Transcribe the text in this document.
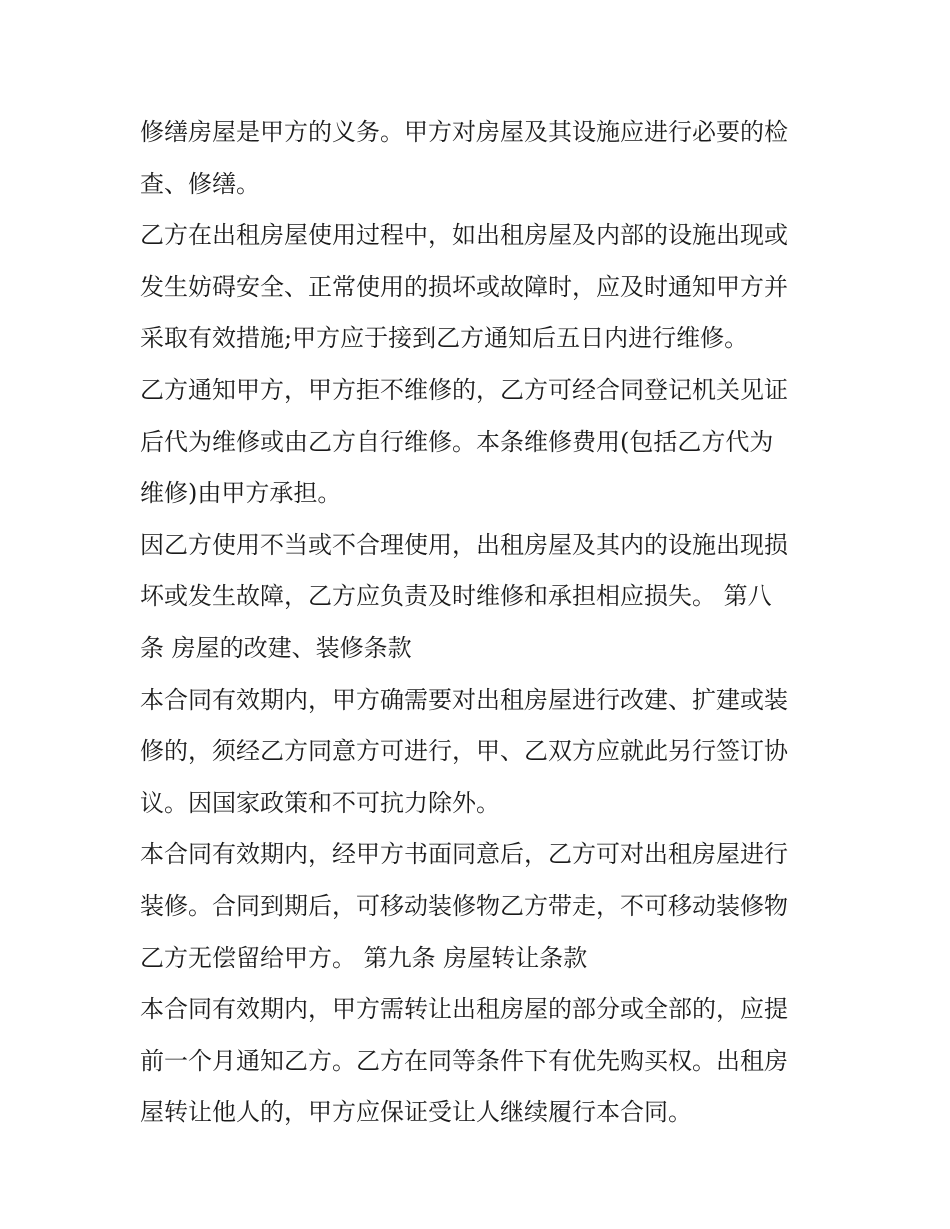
修缮房屋是甲方的义务。甲方对房屋及其设施应进行必要的检
查、修缮。
乙方在出租房屋使用过程中，如出租房屋及内部的设施出现或
发生妨碍安全、正常使用的损坏或故障时，应及时通知甲方并
采取有效措施;甲方应于接到乙方通知后五日内进行维修。
乙方通知甲方，甲方拒不维修的，乙方可经合同登记机关见证
后代为维修或由乙方自行维修。本条维修费用(包括乙方代为
维修)由甲方承担。
因乙方使用不当或不合理使用，出租房屋及其内的设施出现损
坏或发生故障，乙方应负责及时维修和承担相应损失。 第八
条 房屋的改建、装修条款
本合同有效期内，甲方确需要对出租房屋进行改建、扩建或装
修的，须经乙方同意方可进行，甲、乙双方应就此另行签订协
议。因国家政策和不可抗力除外。
本合同有效期内，经甲方书面同意后，乙方可对出租房屋进行
装修。合同到期后，可移动装修物乙方带走，不可移动装修物
乙方无偿留给甲方。 第九条 房屋转让条款
本合同有效期内，甲方需转让出租房屋的部分或全部的，应提
前一个月通知乙方。乙方在同等条件下有优先购买权。出租房
屋转让他人的，甲方应保证受让人继续履行本合同。
